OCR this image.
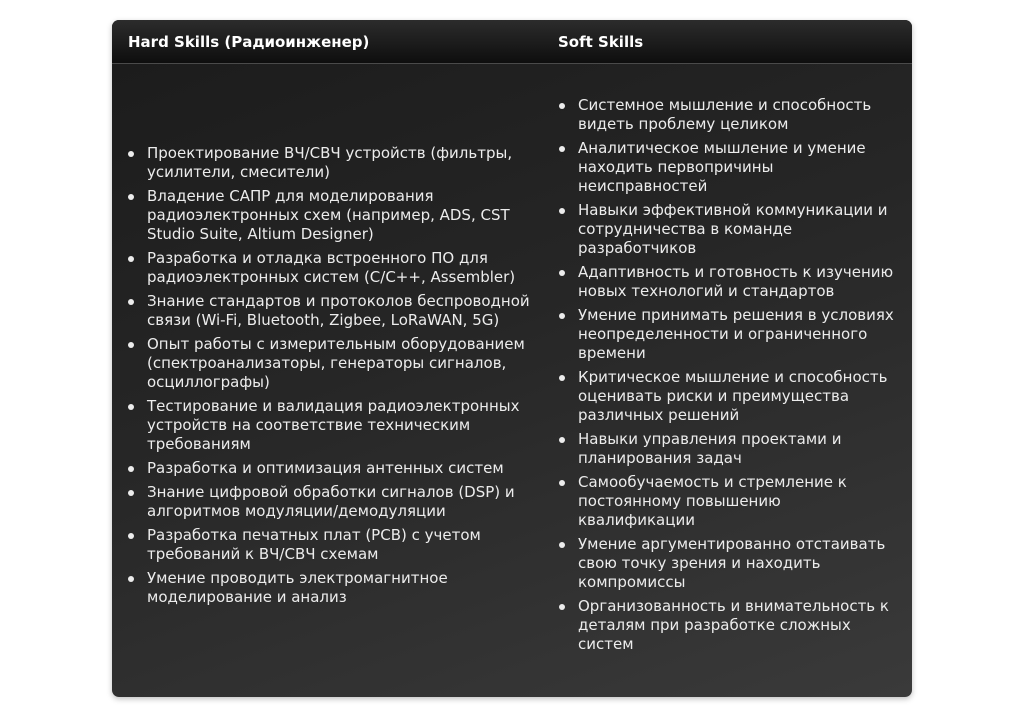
Hard Skills (Радиоинженер)	Soft Skills
Проектирование ВЧ/СВЧ устройств (фильтры, усилители, смесители)
Владение САПР для моделирования радиоэлектронных схем (например, ADS, CST Studio Suite, Altium Designer)
Разработка и отладка встроенного ПО для радиоэлектронных систем (C/C++, Assembler)
Знание стандартов и протоколов беспроводной связи (Wi-Fi, Bluetooth, Zigbee, LoRaWAN, 5G)
Опыт работы с измерительным оборудованием (спектроанализаторы, генераторы сигналов, осциллографы)
Тестирование и валидация радиоэлектронных устройств на соответствие техническим требованиям
Разработка и оптимизация антенных систем
Знание цифровой обработки сигналов (DSP) и алгоритмов модуляции/демодуляции
Разработка печатных плат (PCB) с учетом требований к ВЧ/СВЧ схемам
Умение проводить электромагнитное моделирование и анализ
Системное мышление и способность видеть проблему целиком
Аналитическое мышление и умение находить первопричины неисправностей
Навыки эффективной коммуникации и сотрудничества в команде разработчиков
Адаптивность и готовность к изучению новых технологий и стандартов
Умение принимать решения в условиях неопределенности и ограниченного времени
Критическое мышление и способность оценивать риски и преимущества различных решений
Навыки управления проектами и планирования задач
Самообучаемость и стремление к постоянному повышению квалификации
Умение аргументированно отстаивать свою точку зрения и находить компромиссы
Организованность и внимательность к деталям при разработке сложных систем
